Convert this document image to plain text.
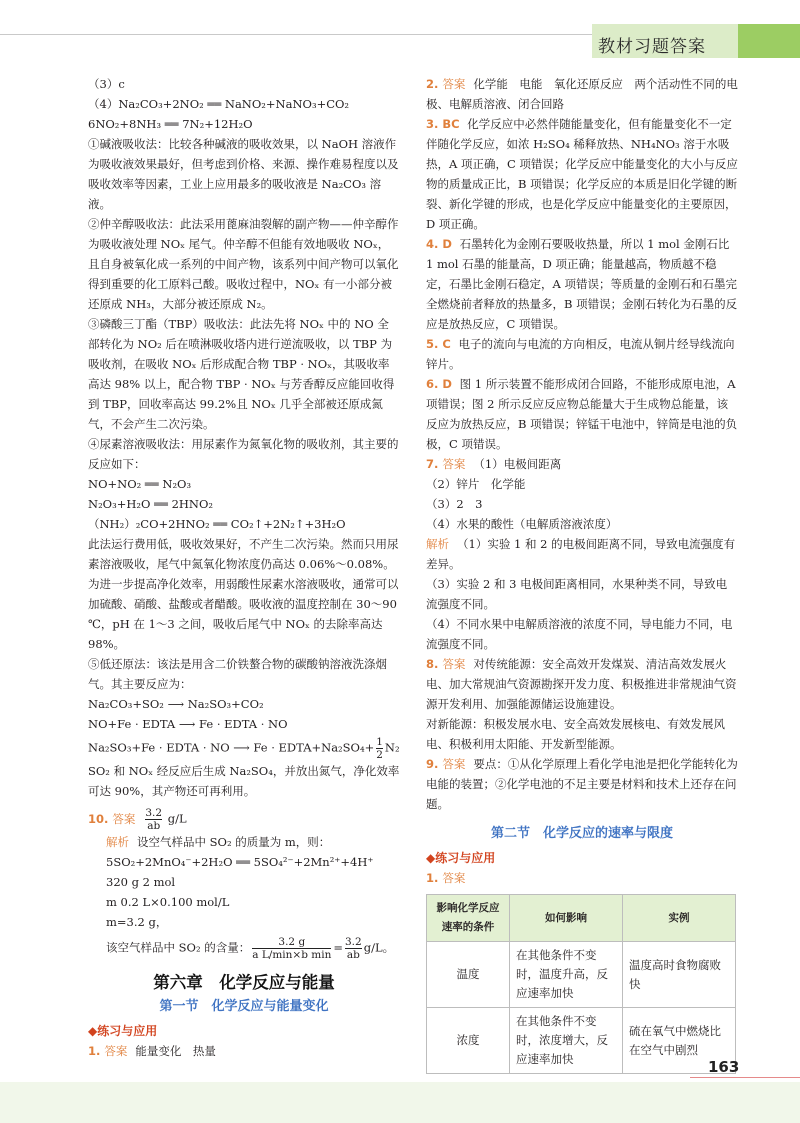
教材习题答案

（3）c

（4）Na₂CO₃+2NO₂ ══ NaNO₂+NaNO₃+CO₂

6NO₂+8NH₃ ══ 7N₂+12H₂O

①碱液吸收法：比较各种碱液的吸收效果，以 NaOH 溶液作为吸收液效果最好，但考虑到价格、来源、操作难易程度以及吸收效率等因素，工业上应用最多的吸收液是 Na₂CO₃ 溶液。

②仲辛醇吸收法：此法采用蓖麻油裂解的副产物——仲辛醇作为吸收液处理 NOₓ 尾气。仲辛醇不但能有效地吸收 NOₓ，且自身被氧化成一系列的中间产物，该系列中间产物可以氧化得到重要的化工原料己酸。吸收过程中，NOₓ 有一小部分被还原成 NH₃，大部分被还原成 N₂。

③磷酸三丁酯（TBP）吸收法：此法先将 NOₓ 中的 NO 全部转化为 NO₂ 后在喷淋吸收塔内进行逆流吸收，以 TBP 为吸收剂，在吸收 NOₓ 后形成配合物 TBP · NOₓ，其吸收率高达 98% 以上，配合物 TBP · NOₓ 与芳香醇反应能回收得到 TBP，回收率高达 99.2%且 NOₓ 几乎全部被还原成氮气，不会产生二次污染。

④尿素溶液吸收法：用尿素作为氮氧化物的吸收剂，其主要的反应如下：

NO+NO₂ ══ N₂O₃

N₂O₃+H₂O ══ 2HNO₂

（NH₂）₂CO+2HNO₂ ══ CO₂↑+2N₂↑+3H₂O

此法运行费用低，吸收效果好，不产生二次污染。然而只用尿素溶液吸收，尾气中氮氧化物浓度仍高达 0.06%～0.08%。为进一步提高净化效率，用弱酸性尿素水溶液吸收，通常可以加硫酸、硝酸、盐酸或者醋酸。吸收液的温度控制在 30～90 ℃，pH 在 1～3 之间，吸收后尾气中 NOₓ 的去除率高达 98%。

⑤低还原法：该法是用含二价铁螯合物的碳酸钠溶液洗涤烟气。其主要反应为：

Na₂CO₃+SO₂ ⟶ Na₂SO₃+CO₂

NO+Fe · EDTA ⟶ Fe · EDTA · NO

Na₂SO₃+Fe · EDTA · NO ⟶ Fe · EDTA+Na₂SO₄+ $\frac{1}{2} N_2$

SO₂ 和 NOₓ 经反应后生成 Na₂SO₄，并放出氮气，净化效率可达 90%，其产物还可再利用。

10. 答案 $\frac{3.2}{ab} g/L$

解析 设空气样品中 SO₂ 的质量为 m，则：

5SO₂+2MnO₄⁻+2H₂O ══ 5SO₄²⁻+2Mn²⁺+4H⁺

320 g 2 mol

m 0.2 L×0.100 mol/L

m=3.2 g，

该空气样品中 SO₂ 的含量： $\frac{3.2 g}{\text{a L/min×b min}} = \frac{3.2}{ab} g/L$。

第六章　化学反应与能量
第一节　化学反应与能量变化

◆练习与应用

1. 答案 能量变化　热量

2. 答案 化学能　电能　氧化还原反应　两个活动性不同的电极、电解质溶液、闭合回路

3. BC 化学反应中必然伴随能量变化，但有能量变化不一定伴随化学反应，如浓 H₂SO₄ 稀释放热、NH₄NO₃ 溶于水吸热，A 项正确，C 项错误；化学反应中能量变化的大小与反应物的质量成正比，B 项错误；化学反应的本质是旧化学键的断裂、新化学键的形成，也是化学反应中能量变化的主要原因，D 项正确。

4. D 石墨转化为金刚石要吸收热量，所以 1 mol 金刚石比 1 mol 石墨的能量高，D 项正确；能量越高，物质越不稳定，石墨比金刚石稳定，A 项错误；等质量的金刚石和石墨完全燃烧前者释放的热量多，B 项错误；金刚石转化为石墨的反应是放热反应，C 项错误。

5. C 电子的流向与电流的方向相反，电流从铜片经导线流向锌片。

6. D 图 1 所示装置不能形成闭合回路，不能形成原电池，A 项错误；图 2 所示反应反应物总能量大于生成物总能量，该反应为放热反应，B 项错误；锌锰干电池中，锌筒是电池的负极，C 项错误。

7. 答案 （1）电极间距离

（2）锌片　化学能

（3）2　3

（4）水果的酸性（电解质溶液浓度）

解析 （1）实验 1 和 2 的电极间距离不同，导致电流强度有差异。

（3）实验 2 和 3 电极间距离相同，水果种类不同，导致电流强度不同。

（4）不同水果中电解质溶液的浓度不同，导电能力不同，电流强度不同。

8. 答案 对传统能源：安全高效开发煤炭、清洁高效发展火电、加大常规油气资源勘探开发力度、积极推进非常规油气资源开发利用、加强能源储运设施建设。

对新能源：积极发展水电、安全高效发展核电、有效发展风电、积极利用太阳能、开发新型能源。

9. 答案 要点：①从化学原理上看化学电池是把化学能转化为电能的装置；②化学电池的不足主要是材料和技术上还存在问题。

第二节　化学反应的速率与限度

◆练习与应用

1. 答案

影响化学反应速率的条件	如何影响	实例
温度	在其他条件不变时，温度升高，反应速率加快	温度高时食物腐败快
浓度	在其他条件不变时，浓度增大，反应速率加快	硫在氧气中燃烧比在空气中剧烈
163
